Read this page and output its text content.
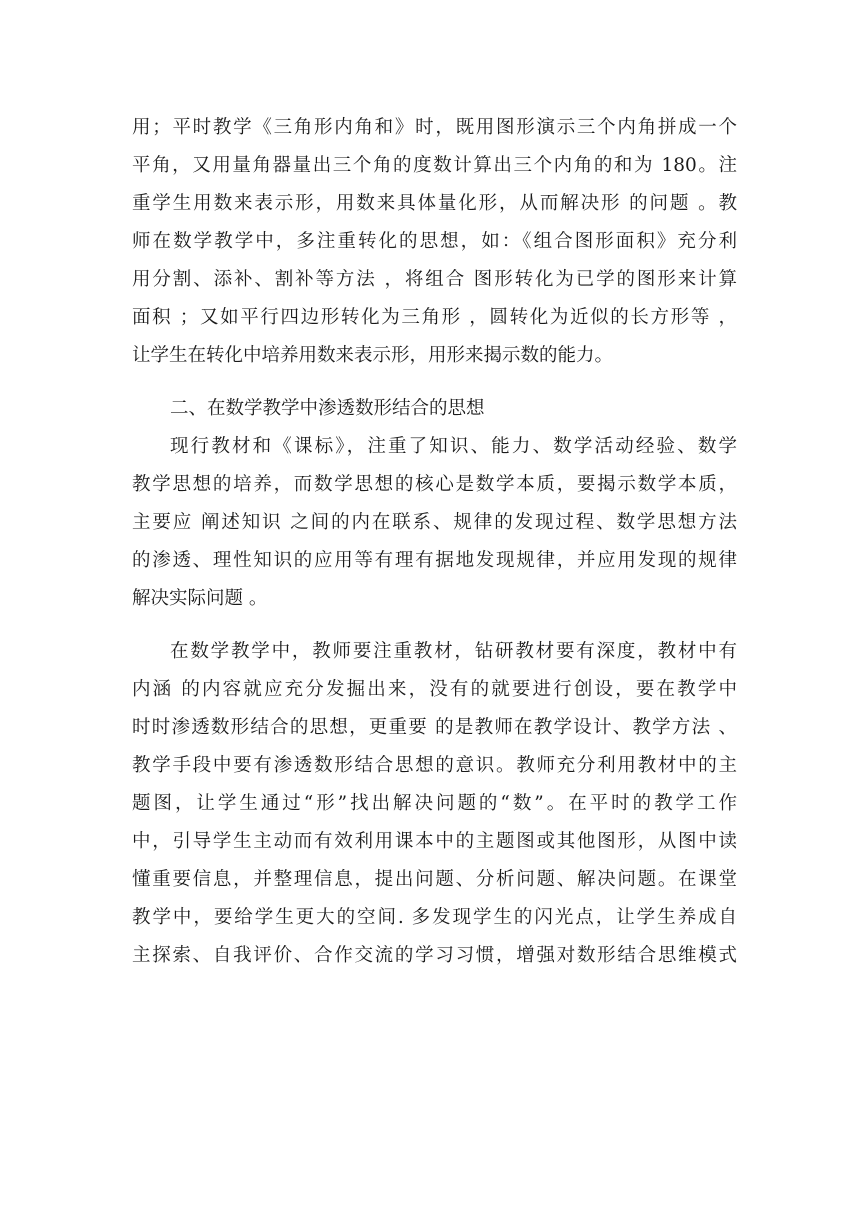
用；平时教学《三角形内角和》时，既用图形演示三个内角拼成一个
平角，又用量角器量出三个角的度数计算出三个内角的和为 180。注
重学生用数来表示形，用数来具体量化形，从而解决形 的问题 。教
师在数学教学中，多注重转化的思想，如：《组合图形面积》充分利
用分割、添补、割补等方法 ，将组合 图形转化为已学的图形来计算
面积 ；又如平行四边形转化为三角形 ，圆转化为近似的长方形等 ，
让学生在转化中培养用数来表示形，用形来揭示数的能力。
二、在数学教学中渗透数形结合的思想
现行教材和《课标》，注重了知识、能力、数学活动经验、数学
教学思想的培养，而数学思想的核心是数学本质，要揭示数学本质，
主要应 阐述知识 之间的内在联系、规律的发现过程、数学思想方法
的渗透、理性知识的应用等有理有据地发现规律，并应用发现的规律
解决实际问题 。
在数学教学中，教师要注重教材，钻研教材要有深度，教材中有
内涵 的内容就应充分发掘出来，没有的就要进行创设，要在教学中
时时渗透数形结合的思想，更重要 的是教师在教学设计、教学方法 、
教学手段中要有渗透数形结合思想的意识。教师充分利用教材中的主
题图，让学生通过“形”找出解决问题的“数”。在平时的教学工作
中，引导学生主动而有效利用课本中的主题图或其他图形，从图中读
懂重要信息，并整理信息，提出问题、分析问题、解决问题。在课堂
教学中，要给学生更大的空间. 多发现学生的闪光点，让学生养成自
主探索、自我评价、合作交流的学习习惯，增强对数形结合思维模式
